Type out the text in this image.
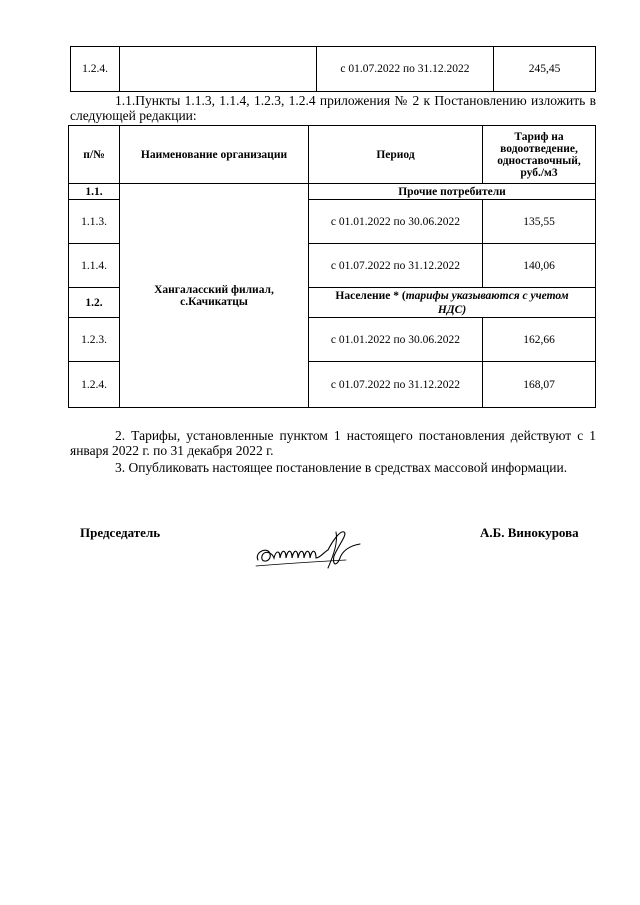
1.2.4.		с 01.07.2022 по 31.12.2022	245,45
1.1.Пункты 1.1.3, 1.1.4, 1.2.3, 1.2.4 приложения № 2 к Постановлению изложить в следующей редакции:
п/№	Наименование организации	Период	Тариф на водоотведение, одноставочный, руб./м3
1.1.	Хангаласский филиал, с.Качикатцы	Прочие потребители	
1.1.3.		с 01.01.2022 по 30.06.2022	135,55
1.1.4.		с 01.07.2022 по 31.12.2022	140,06
1.2.		Население * (тарифы указываются с учетом
НДС)	
1.2.3.		с 01.01.2022 по 30.06.2022	162,66
1.2.4.		с 01.07.2022 по 31.12.2022	168,07
2. Тарифы, установленные пунктом 1 настоящего постановления действуют с 1 января 2022 г. по 31 декабря 2022 г.
3. Опубликовать настоящее постановление в средствах массовой информации.
Председатель	А.Б. Винокурова
